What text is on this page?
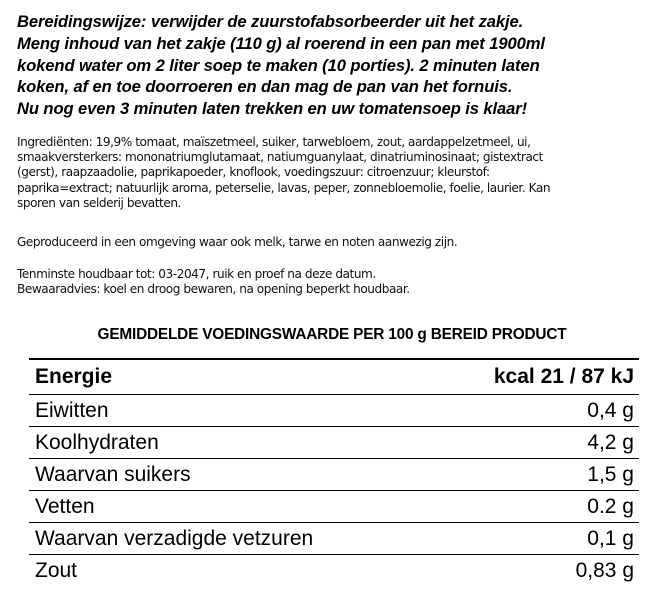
Bereidingswijze: verwijder de zuurstofabsorbeerder uit het zakje.
Meng inhoud van het zakje (110 g) al roerend in een pan met 1900ml
kokend water om 2 liter soep te maken (10 porties). 2 minuten laten
koken, af en toe doorroeren en dan mag de pan van het fornuis.
Nu nog even 3 minuten laten trekken en uw tomatensoep is klaar!
Ingrediënten: 19,9% tomaat, maïszetmeel, suiker, tarwebloem, zout, aardappelzetmeel, ui,
smaakversterkers: mononatriumglutamaat, natiumguanylaat, dinatriuminosinaat; gistextract
(gerst), raapzaadolie, paprikapoeder, knoflook, voedingszuur: citroenzuur; kleurstof:
paprika=extract; natuurlijk aroma, peterselie, lavas, peper, zonnebloemolie, foelie, laurier. Kan
sporen van selderij bevatten.
Geproduceerd in een omgeving waar ook melk, tarwe en noten aanwezig zijn.
Tenminste houdbaar tot: 03-2047, ruik en proef na deze datum.
Bewaaradvies: koel en droog bewaren, na opening beperkt houdbaar.
GEMIDDELDE VOEDINGSWAARDE PER 100 g BEREID PRODUCT
Energie	kcal 21 / 87 kJ
Eiwitten	0,4 g
Koolhydraten	4,2 g
Waarvan suikers	1,5 g
Vetten	0.2 g
Waarvan verzadigde vetzuren	0,1 g
Zout	0,83 g
